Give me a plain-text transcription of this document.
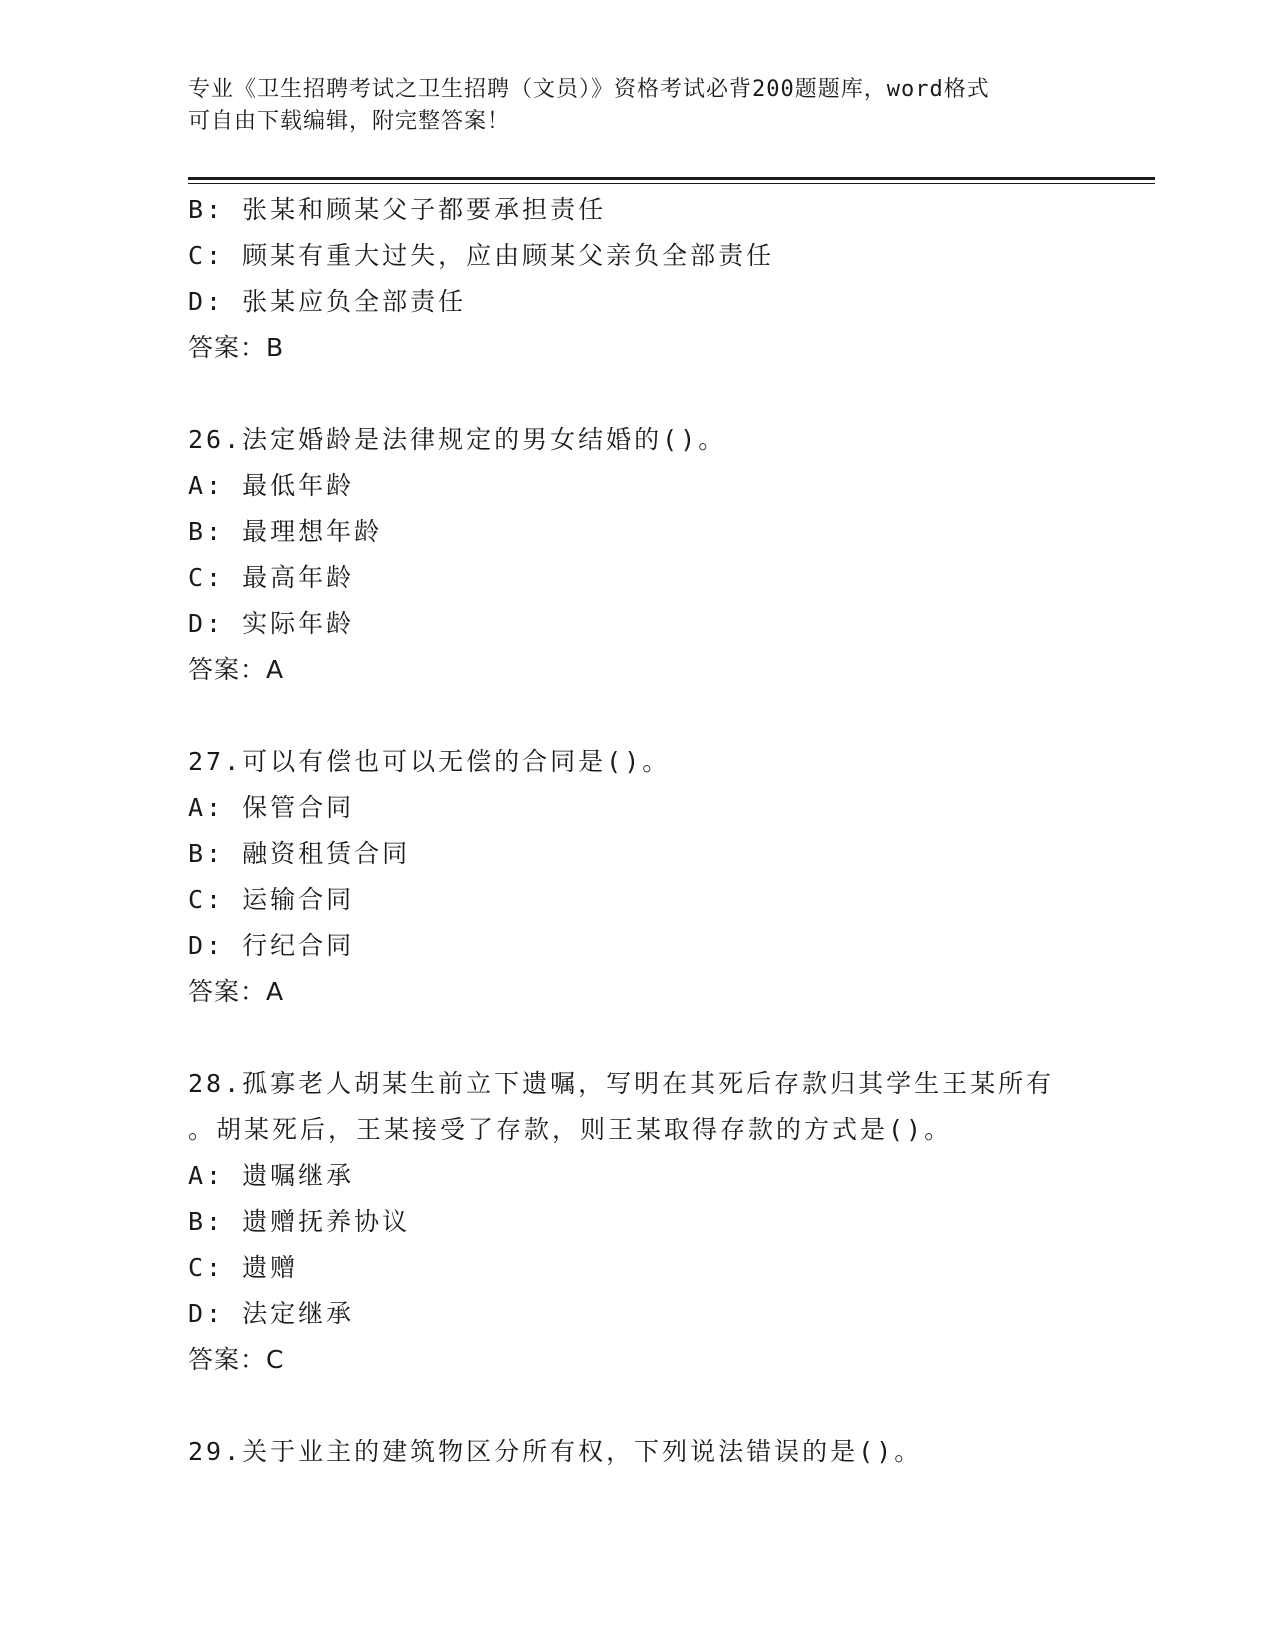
专业《卫生招聘考试之卫生招聘（文员）》资格考试必背200题题库，word格式
可自由下载编辑，附完整答案！
B: 张某和顾某父子都要承担责任
C: 顾某有重大过失，应由顾某父亲负全部责任
D: 张某应负全部责任
答案：B
26.法定婚龄是法律规定的男女结婚的()。
A: 最低年龄
B: 最理想年龄
C: 最高年龄
D: 实际年龄
答案：A
27.可以有偿也可以无偿的合同是()。
A: 保管合同
B: 融资租赁合同
C: 运输合同
D: 行纪合同
答案：A
28.孤寡老人胡某生前立下遗嘱，写明在其死后存款归其学生王某所有
。胡某死后，王某接受了存款，则王某取得存款的方式是()。
A: 遗嘱继承
B: 遗赠抚养协议
C: 遗赠
D: 法定继承
答案：C
29.关于业主的建筑物区分所有权，下列说法错误的是()。
